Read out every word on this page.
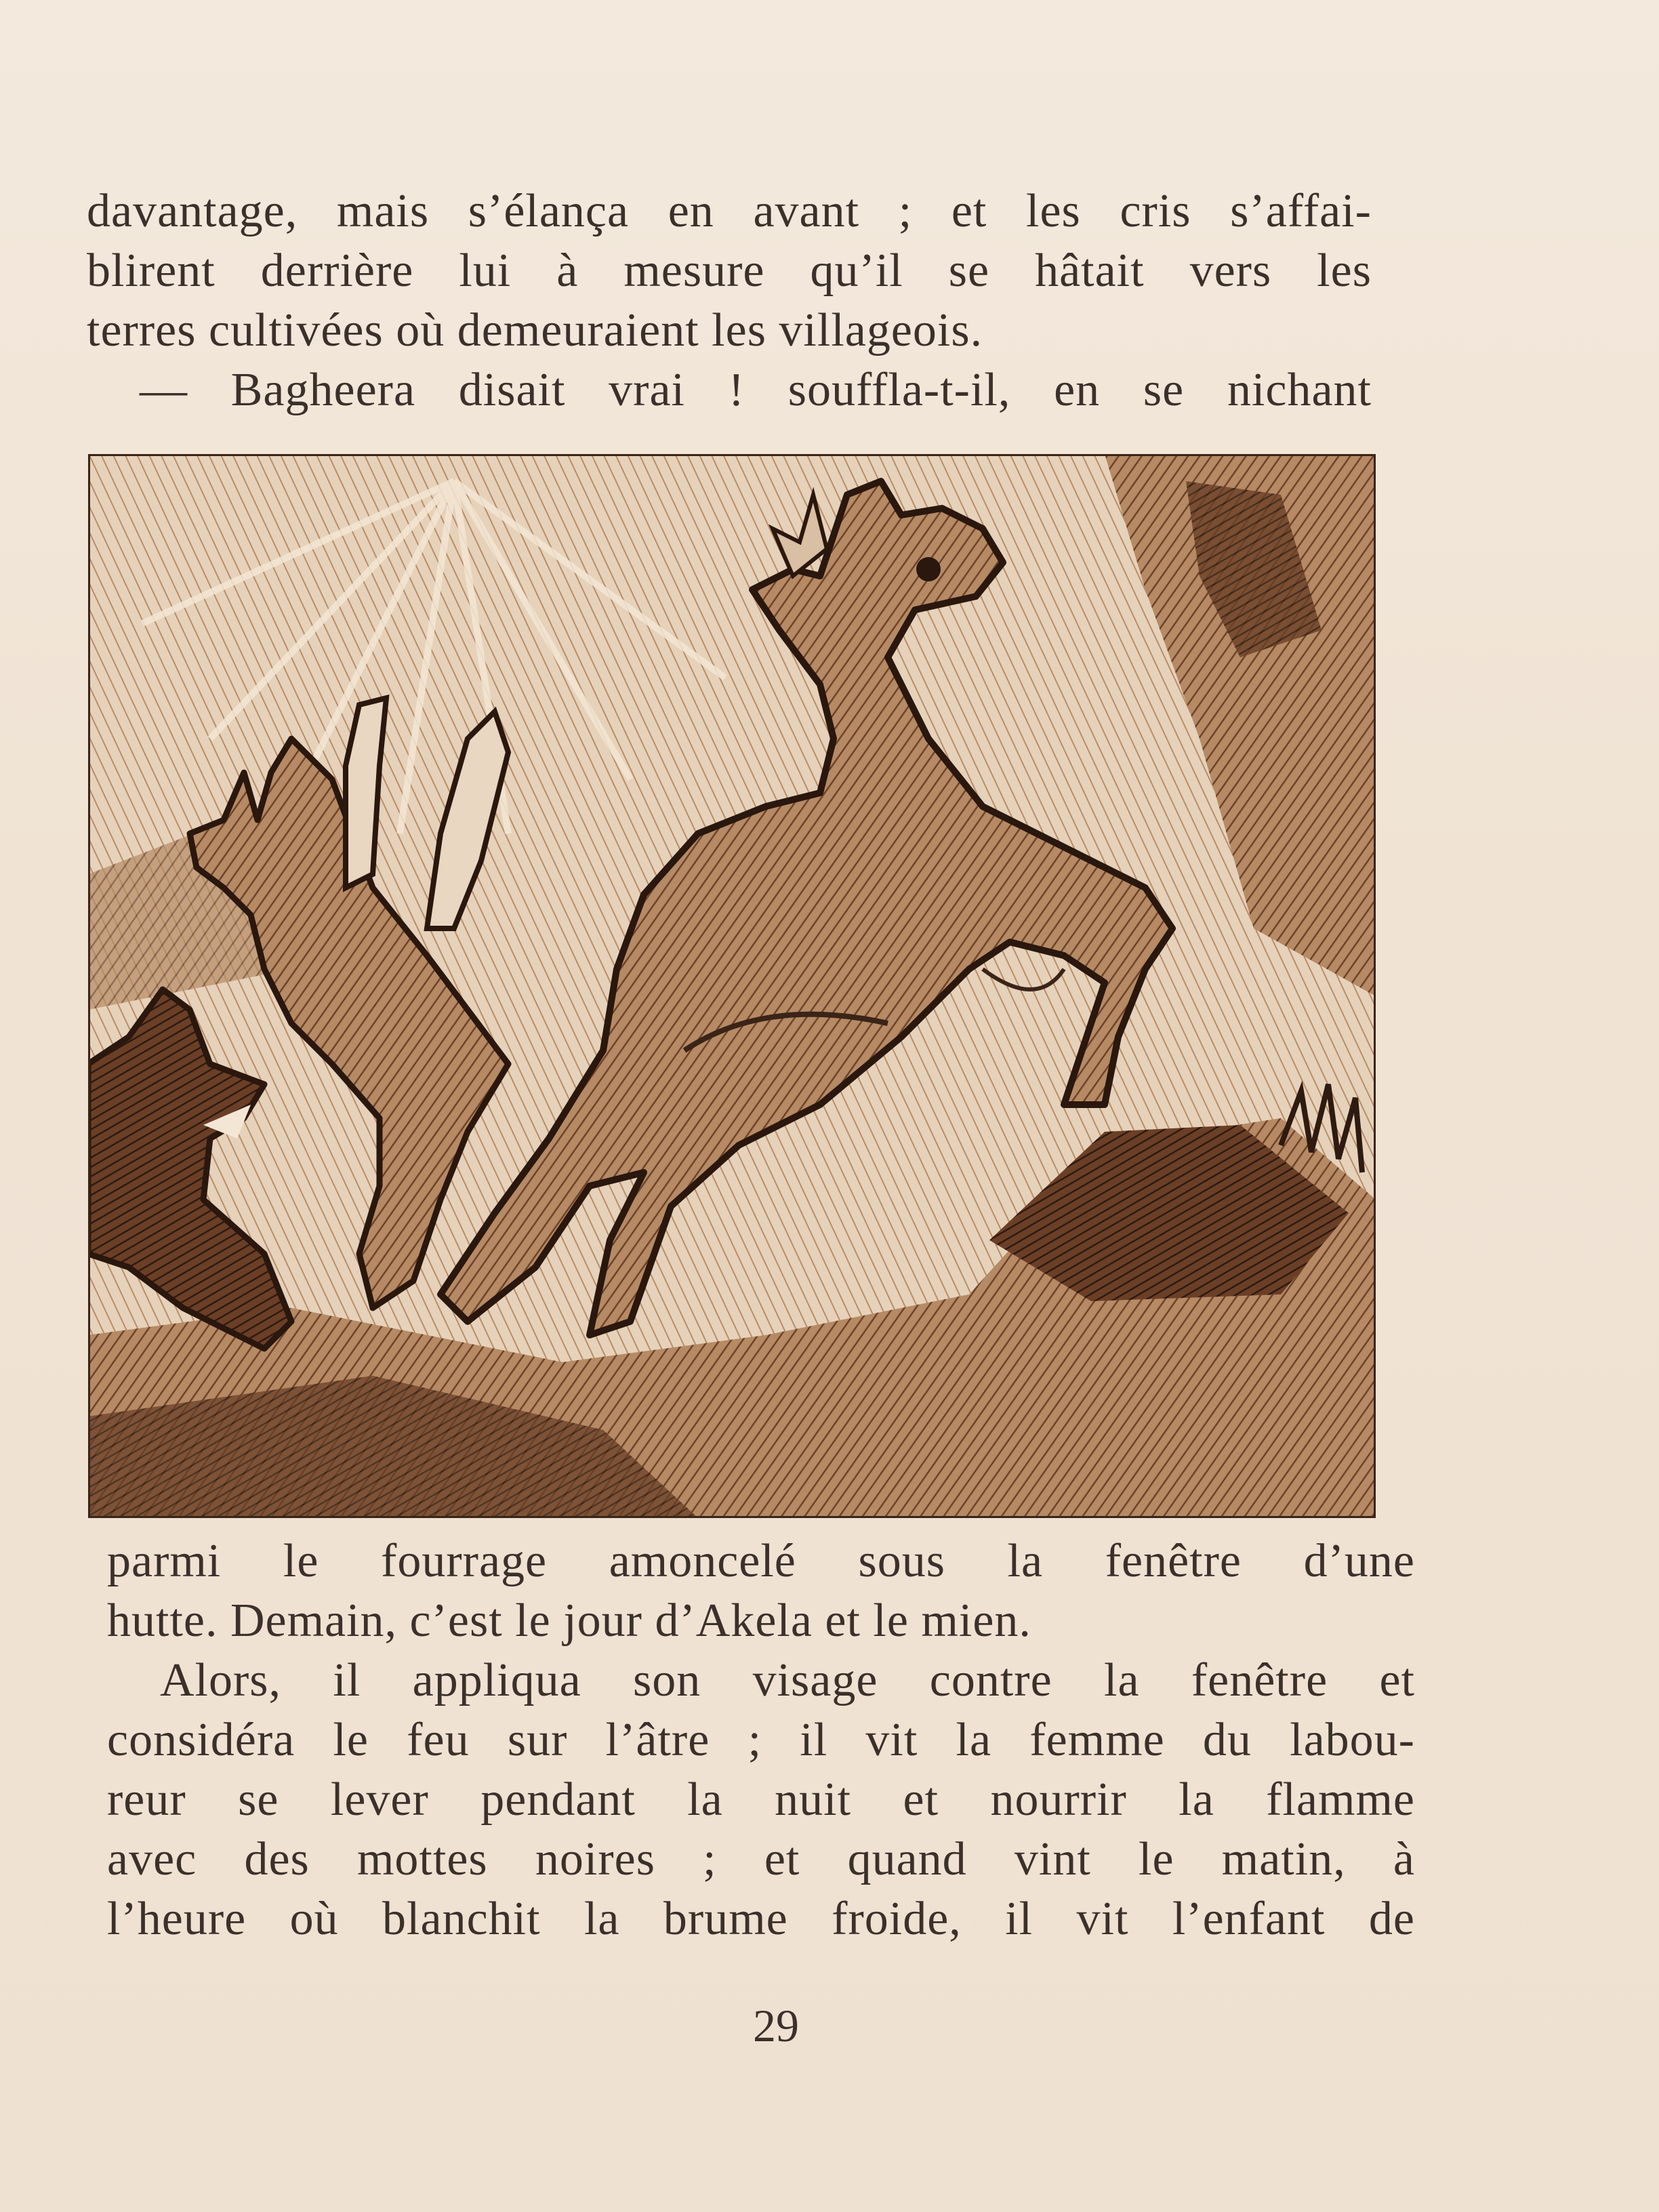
davantage, mais s’élança en avant ; et les cris s’affai-
blirent derrière lui à mesure qu’il se hâtait vers les
terres cultivées où demeuraient les villageois.
— Bagheera disait vrai ! souffla-t-il, en se nichant
parmi le fourrage amoncelé sous la fenêtre d’une
hutte. Demain, c’est le jour d’Akela et le mien.
Alors, il appliqua son visage contre la fenêtre et
considéra le feu sur l’âtre ; il vit la femme du labou-
reur se lever pendant la nuit et nourrir la flamme
avec des mottes noires ; et quand vint le matin, à
l’heure où blanchit la brume froide, il vit l’enfant de
29
